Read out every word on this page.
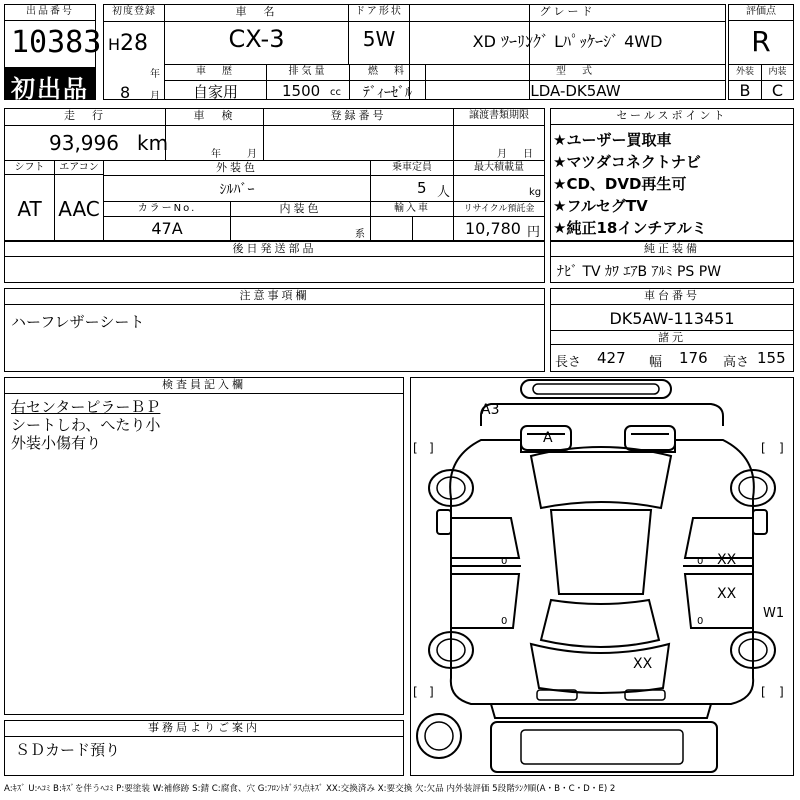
出品番号
10383
初出品
初度登録
H 28
年
8 月
車　名
CX-3
ドア形状
5W
グレード
XD ﾂｰﾘﾝｸﾞ Lﾊﾟｯｹｰｼﾞ 4WD
車　歴
自家用
排気量
1500 cc
燃　料
ﾃﾞｨｰｾﾞﾙ
型　式
LDA-DK5AW
評価点
R
外装	内装
B	C
走　行
93,996 km
車　検
年	月
登録番号	譲渡書類期限
月 日
シフト
AT
エアコン
AAC
外装色
ｼﾙﾊﾞｰ
乗車定員
5 人
最大積載量
kg
カラーNo.
47A
内装色
系
輸入車	リサイクル預託金
10,780 円
後日発送部品
セールスポイント
★ユーザー買取車
★マツダコネクトナビ
★CD、DVD再生可
★フルセグTV
★純正18インチアルミ
純正装備
ﾅﾋﾞ TV ｶﾜ ｴｱB ｱﾙﾐ PS PW
注意事項欄
ハーフレザーシート
車台番号
DK5AW-113451
諸元
長さ 427 幅 176 高さ 155
検査員記入欄
右センターピラーＢＰ
シートしわ、へたり小
外装小傷有り
事務局よりご案内
ＳＤカード預り
[ ]	[ ]
[ ]	[ ]
0
0
0
0
A3
A
XX
XX
XX
W1
A:ｷｽﾞ U:ﾍｺﾐ B:ｷｽﾞを伴うﾍｺﾐ P:要塗装 W:補修跡 S:錆 C:腐食、穴 G:ﾌﾛﾝﾄｶﾞﾗｽ点ｷｽﾞ XX:交換済み X:要交換 欠:欠品 内外装評価 5段階ﾗﾝｸ順(A・B・C・D・E) 2
